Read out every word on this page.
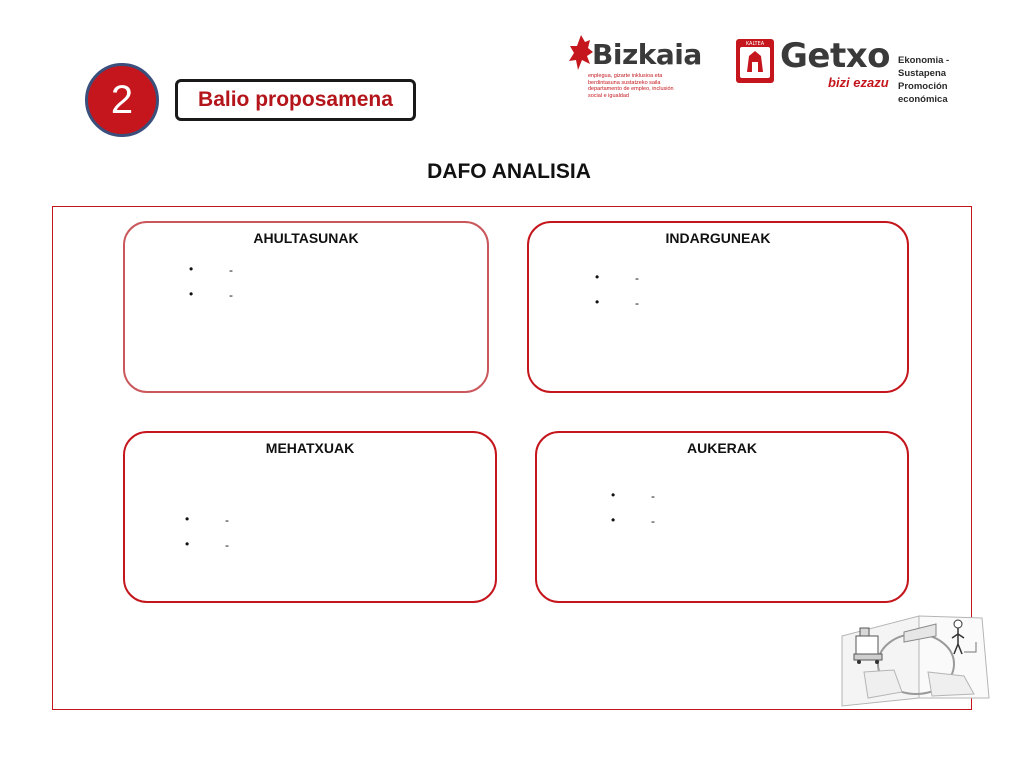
2	Balio proposamena
Bizkaia
enplegua, gizarte inklusioa eta berdintasuna sustatzeko saila departamento de empleo, inclusión social e igualdad
KALTEA Getxo
bizi ezazu
Ekonomia -Sustapena
Promoción económica
DAFO ANALISIA
AHULTASUNAK
-
-
INDARGUNEAK
-
-
MEHATXUAK
-
-
AUKERAK
-
-
